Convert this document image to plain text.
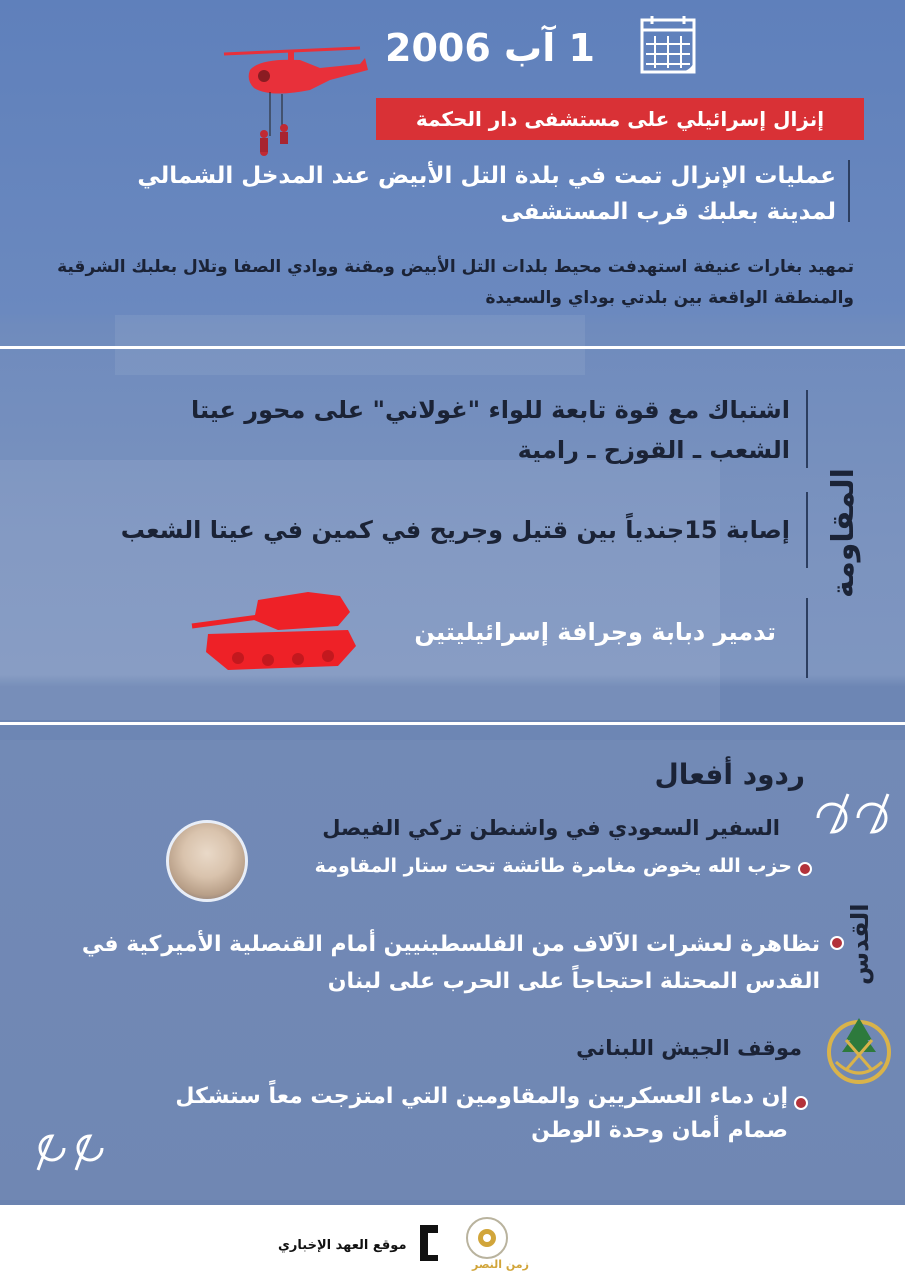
1 آب 2006
إنزال إسرائيلي على مستشفى دار الحكمة
عمليات الإنزال تمت في بلدة التل الأبيض عند المدخل الشمالي لمدينة بعلبك قرب المستشفى
تمهيد بغارات عنيفة استهدفت محيط بلدات التل الأبيض ومقنة ووادي الصفا وتلال بعلبك الشرقية والمنطقة الواقعة بين بلدتي بوداي والسعيدة
المقاومة
اشتباك مع قوة تابعة للواء "غولاني" على محور عيتا الشعب ـ القوزح ـ رامية
إصابة 15جندياً بين قتيل وجريح في كمين في عيتا الشعب
تدمير دبابة وجرافة إسرائيليتين
ردود أفعال
السفير السعودي في واشنطن تركي الفيصل
حزب الله يخوض مغامرة طائشة تحت ستار المقاومة
القدس
تظاهرة لعشرات الآلاف من الفلسطينيين أمام القنصلية الأميركية في القدس المحتلة احتجاجاً على الحرب على لبنان
موقف الجيش اللبناني
إن دماء العسكريين والمقاومين التي امتزجت معاً ستشكل صمام أمان وحدة الوطن
موقع العهد الإخباري
زمن النصر
